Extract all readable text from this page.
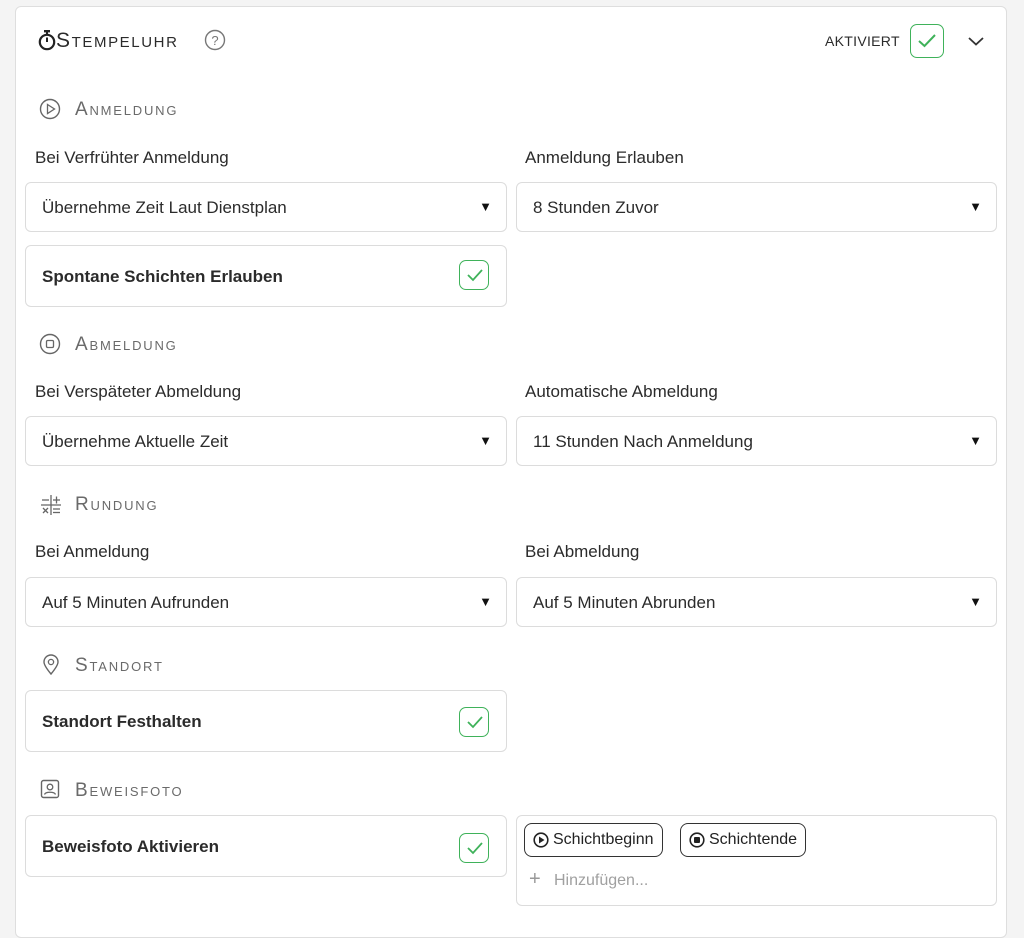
Stempeluhr	?	AKTIVIERT
Anmeldung
Bei Verfrühter Anmeldung	Anmeldung Erlauben
Übernehme Zeit Laut Dienstplan	▼ 8 Stunden Zuvor	▼
Spontane Schichten Erlauben
Abmeldung
Bei Verspäteter Abmeldung	Automatische Abmeldung
Übernehme Aktuelle Zeit	▼ 11 Stunden Nach Anmeldung	▼
Rundung
Bei Anmeldung	Bei Abmeldung
Auf 5 Minuten Aufrunden	▼ Auf 5 Minuten Abrunden	▼
Standort
Standort Festhalten
Beweisfoto
Beweisfoto Aktivieren	Schichtbeginn	Schichtende
+ Hinzufügen...
